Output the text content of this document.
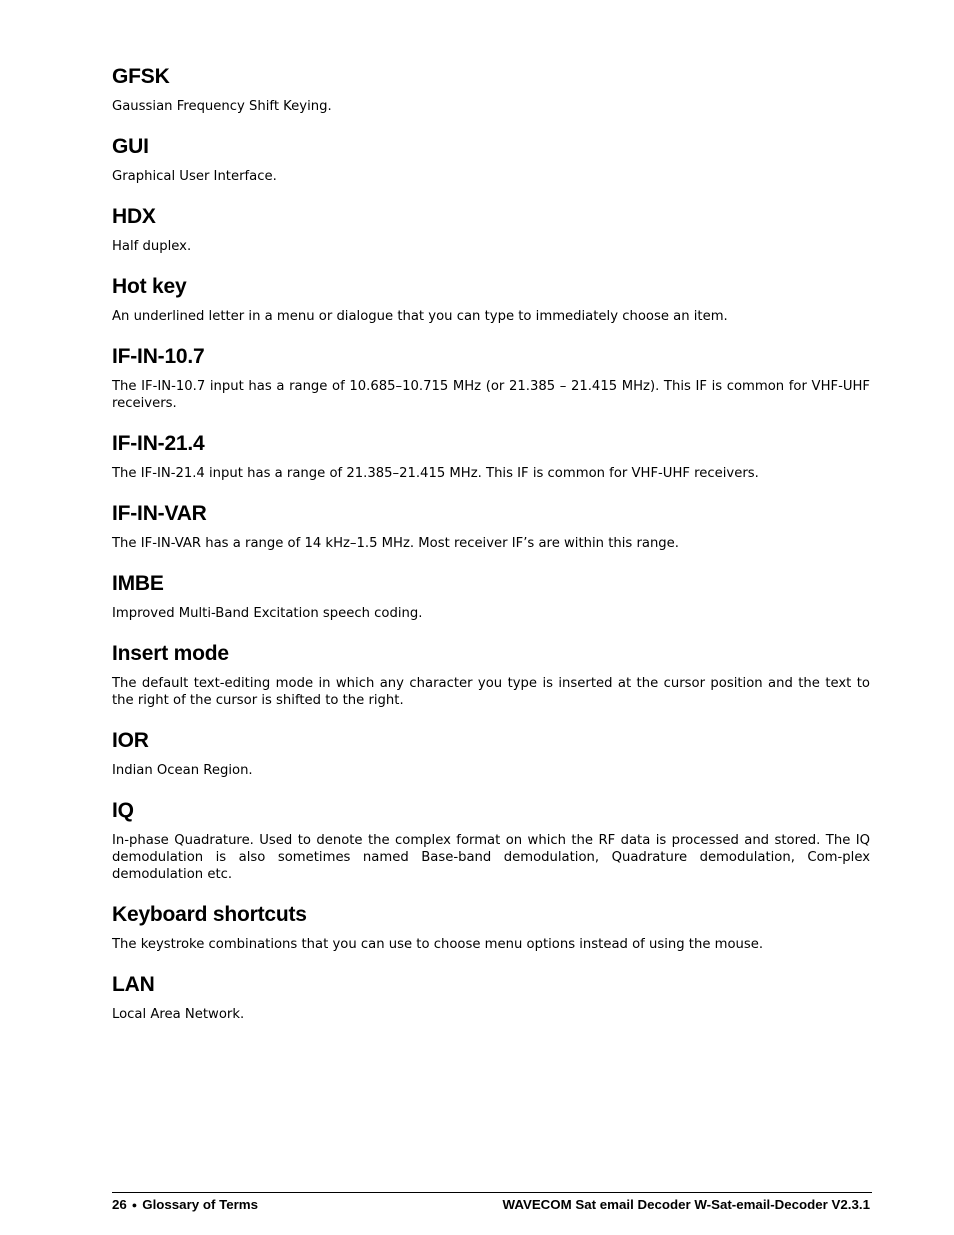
GFSK

Gaussian Frequency Shift Keying.

GUI

Graphical User Interface.

HDX

Half duplex.

Hot key

An underlined letter in a menu or dialogue that you can type to immediately choose an item.

IF-IN-10.7

The IF-IN-10.7 input has a range of 10.685–10.715 MHz (or 21.385 – 21.415 MHz). This IF is common for VHF-UHF receivers.

IF-IN-21.4

The IF-IN-21.4 input has a range of 21.385–21.415 MHz. This IF is common for VHF-UHF receivers.

IF-IN-VAR

The IF-IN-VAR has a range of 14 kHz–1.5 MHz. Most receiver IF’s are within this range.

IMBE

Improved Multi-Band Excitation speech coding.

Insert mode

The default text-editing mode in which any character you type is inserted at the cursor position and the text to the right of the cursor is shifted to the right.

IOR

Indian Ocean Region.

IQ

In-phase Quadrature. Used to denote the complex format on which the RF data is processed and stored. The IQ demodulation is also sometimes named Base-band demodulation, Quadrature demodulation, Com-plex demodulation etc.

Keyboard shortcuts

The keystroke combinations that you can use to choose menu options instead of using the mouse.

LAN

Local Area Network.

26 ● Glossary of Terms	WAVECOM Sat email Decoder W-Sat-email-Decoder V2.3.1
